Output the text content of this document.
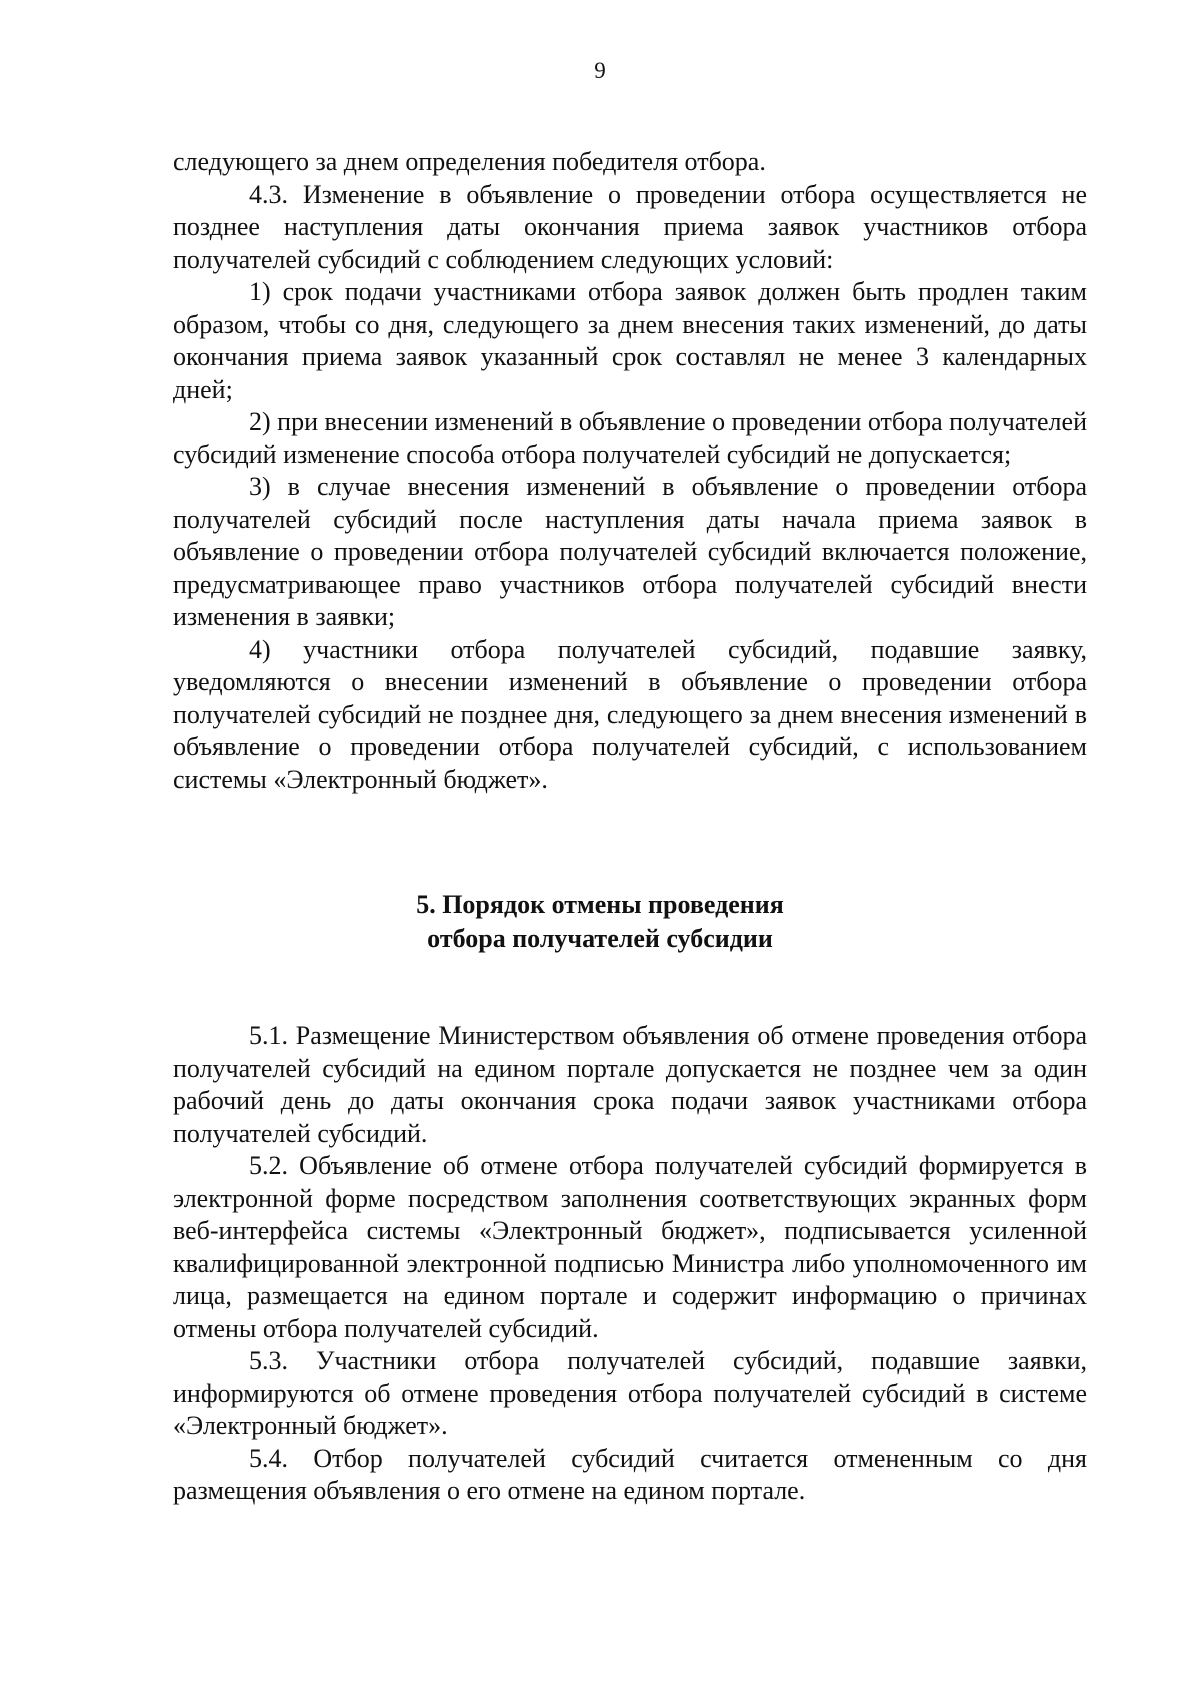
9

следующего за днем определения победителя отбора.

4.3. Изменение в объявление о проведении отбора осуществляется не позднее наступления даты окончания приема заявок участников отбора получателей субсидий с соблюдением следующих условий:

1) срок подачи участниками отбора заявок должен быть продлен таким образом, чтобы со дня, следующего за днем внесения таких изменений, до даты окончания приема заявок указанный срок составлял не менее 3 календарных дней;

2) при внесении изменений в объявление о проведении отбора получателей субсидий изменение способа отбора получателей субсидий не допускается;

3) в случае внесения изменений в объявление о проведении отбора получателей субсидий после наступления даты начала приема заявок в объявление о проведении отбора получателей субсидий включается положение, предусматривающее право участников отбора получателей субсидий внести изменения в заявки;

4) участники отбора получателей субсидий, подавшие заявку, уведомляются о внесении изменений в объявление о проведении отбора получателей субсидий не позднее дня, следующего за днем внесения изменений в объявление о проведении отбора получателей субсидий, с использованием системы «Электронный бюджет».

5. Порядок отмены проведения
отбора получателей субсидии

5.1. Размещение Министерством объявления об отмене проведения отбора получателей субсидий на едином портале допускается не позднее чем за один рабочий день до даты окончания срока подачи заявок участниками отбора получателей субсидий.

5.2. Объявление об отмене отбора получателей субсидий формируется в электронной форме посредством заполнения соответствующих экранных форм веб-интерфейса системы «Электронный бюджет», подписывается усиленной квалифицированной электронной подписью Министра либо уполномоченного им лица, размещается на едином портале и содержит информацию о причинах отмены отбора получателей субсидий.

5.3. Участники отбора получателей субсидий, подавшие заявки, информируются об отмене проведения отбора получателей субсидий в системе «Электронный бюджет».

5.4. Отбор получателей субсидий считается отмененным со дня размещения объявления о его отмене на едином портале.
